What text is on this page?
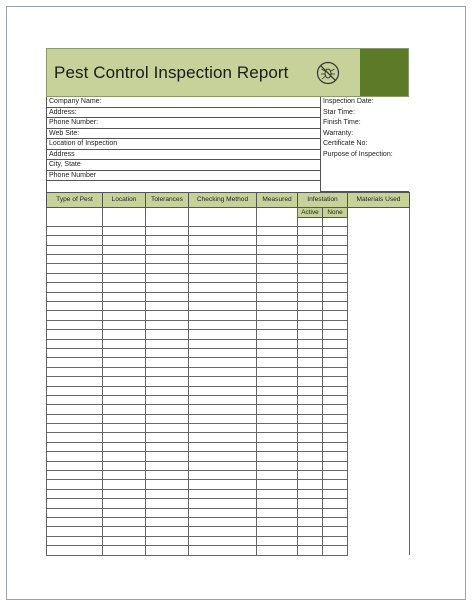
Pest Control Inspection Report
Company Name:
Address:
Phone Number:
Web Site:
Location of Inspection
Address
City, State
Phone Number
Inspection Date:
Star Time:
Finish Time:
Warranty:
Certificate No:
Purpose of Inspection:
Type of Pest	Location	Tolerances	Checking Method	Measured	Infestation		Materials Used
					Active	None	
